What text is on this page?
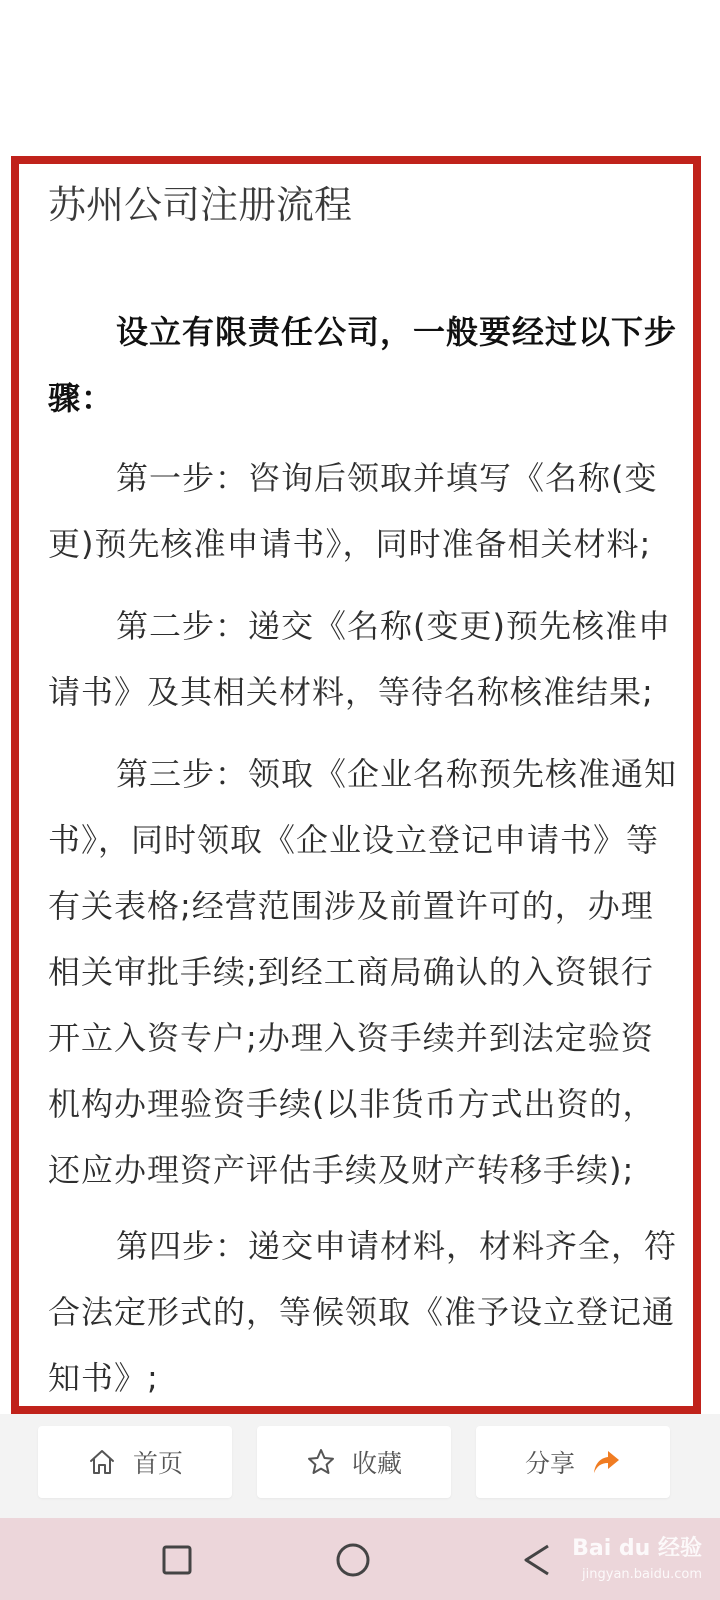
苏州公司注册流程

设立有限责任公司，一般要经过以下步骤：

第一步：咨询后领取并填写《名称(变更)预先核准申请书》，同时准备相关材料;

第二步：递交《名称(变更)预先核准申请书》及其相关材料，等待名称核准结果;

第三步：领取《企业名称预先核准通知书》，同时领取《企业设立登记申请书》等有关表格;经营范围涉及前置许可的，办理相关审批手续;到经工商局确认的入资银行开立入资专户;办理入资手续并到法定验资机构办理验资手续(以非货币方式出资的，还应办理资产评估手续及财产转移手续);

第四步：递交申请材料，材料齐全，符合法定形式的，等候领取《准予设立登记通知书》;

首页	收藏	分享
Bai du 经验
jingyan.baidu.com
